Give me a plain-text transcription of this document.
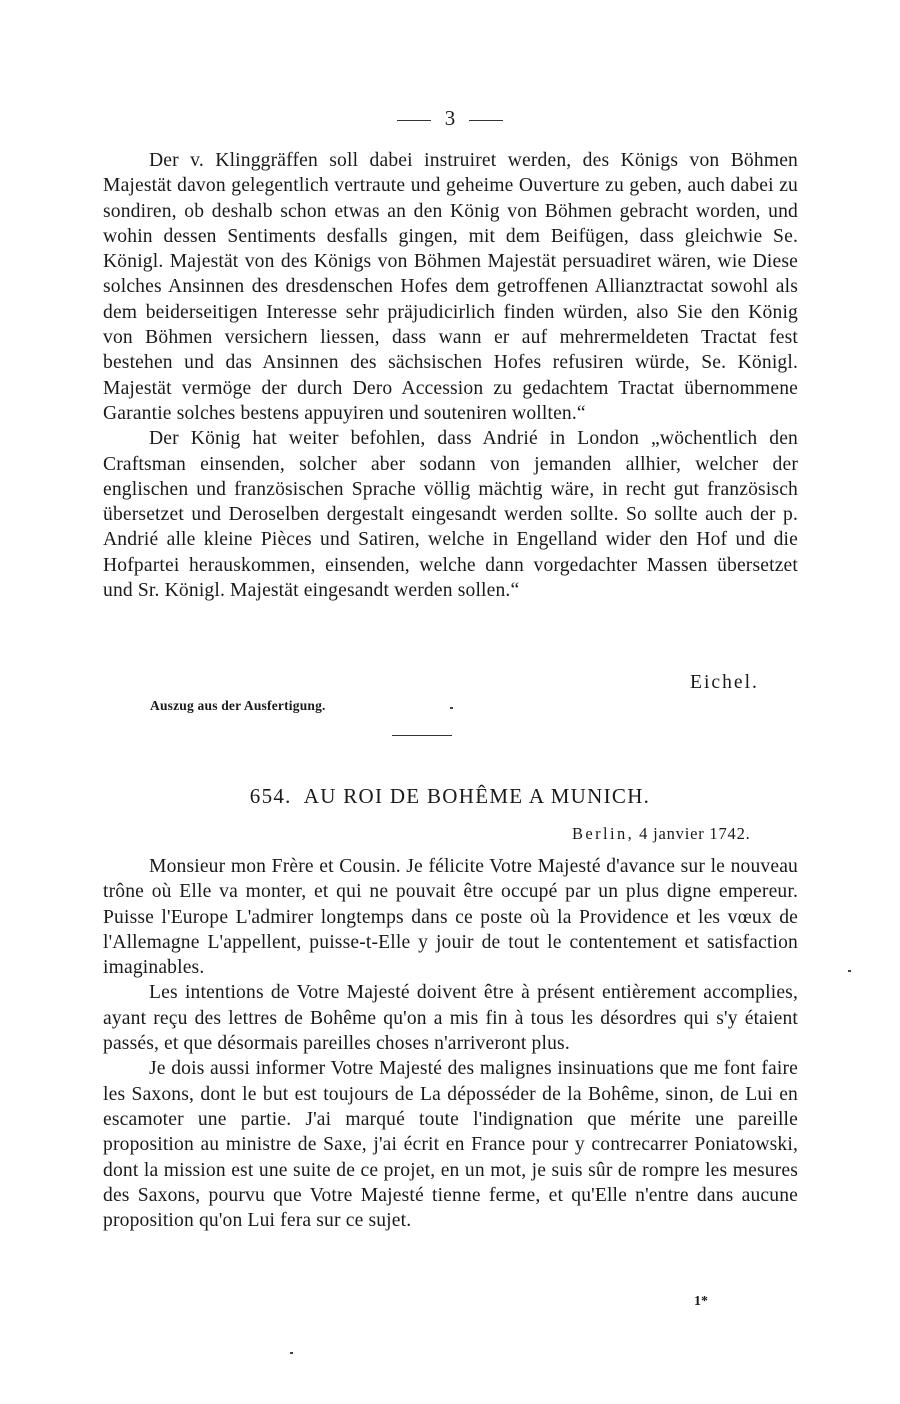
3

Der v. Klinggräffen soll dabei instruiret werden, des Königs von Böhmen Majestät davon gelegentlich vertraute und geheime Ouverture zu geben, auch dabei zu sondiren, ob deshalb schon etwas an den König von Böhmen gebracht worden, und wohin dessen Sentiments desfalls gingen, mit dem Beifügen, dass gleichwie Se. Königl. Majestät von des Königs von Böhmen Majestät persuadiret wären, wie Diese solches Ansinnen des dresdenschen Hofes dem getroffenen Allianztractat sowohl als dem beiderseitigen Interesse sehr präjudicirlich finden würden, also Sie den König von Böhmen versichern liessen, dass wann er auf mehrermeldeten Tractat fest bestehen und das Ansinnen des sächsischen Hofes refusiren würde, Se. Königl. Majestät vermöge der durch Dero Accession zu gedachtem Tractat übernommene Garantie solches bestens appuyiren und souteniren wollten.“

Der König hat weiter befohlen, dass Andrié in London „wöchentlich den Craftsman einsenden, solcher aber sodann von jemanden allhier, welcher der englischen und französischen Sprache völlig mächtig wäre, in recht gut französisch übersetzet und Deroselben dergestalt eingesandt werden sollte. So sollte auch der p. Andrié alle kleine Pièces und Satiren, welche in Engelland wider den Hof und die Hofpartei herauskommen, einsenden, welche dann vorgedachter Massen übersetzet und Sr. Königl. Majestät eingesandt werden sollen.“

Eichel.
Auszug aus der Ausfertigung.
654. AU ROI DE BOHÊME A MUNICH.
Berlin, 4 janvier 1742.

Monsieur mon Frère et Cousin. Je félicite Votre Majesté d'avance sur le nouveau trône où Elle va monter, et qui ne pouvait être occupé par un plus digne empereur. Puisse l'Europe L'admirer longtemps dans ce poste où la Providence et les vœux de l'Allemagne L'appellent, puisse-t-Elle y jouir de tout le contentement et satisfaction imaginables.

Les intentions de Votre Majesté doivent être à présent entièrement accomplies, ayant reçu des lettres de Bohême qu'on a mis fin à tous les désordres qui s'y étaient passés, et que désormais pareilles choses n'arriveront plus.

Je dois aussi informer Votre Majesté des malignes insinuations que me font faire les Saxons, dont le but est toujours de La déposséder de la Bohême, sinon, de Lui en escamoter une partie. J'ai marqué toute l'indignation que mérite une pareille proposition au ministre de Saxe, j'ai écrit en France pour y contrecarrer Poniatowski, dont la mission est une suite de ce projet, en un mot, je suis sûr de rompre les mesures des Saxons, pourvu que Votre Majesté tienne ferme, et qu'Elle n'entre dans aucune proposition qu'on Lui fera sur ce sujet.

1*
